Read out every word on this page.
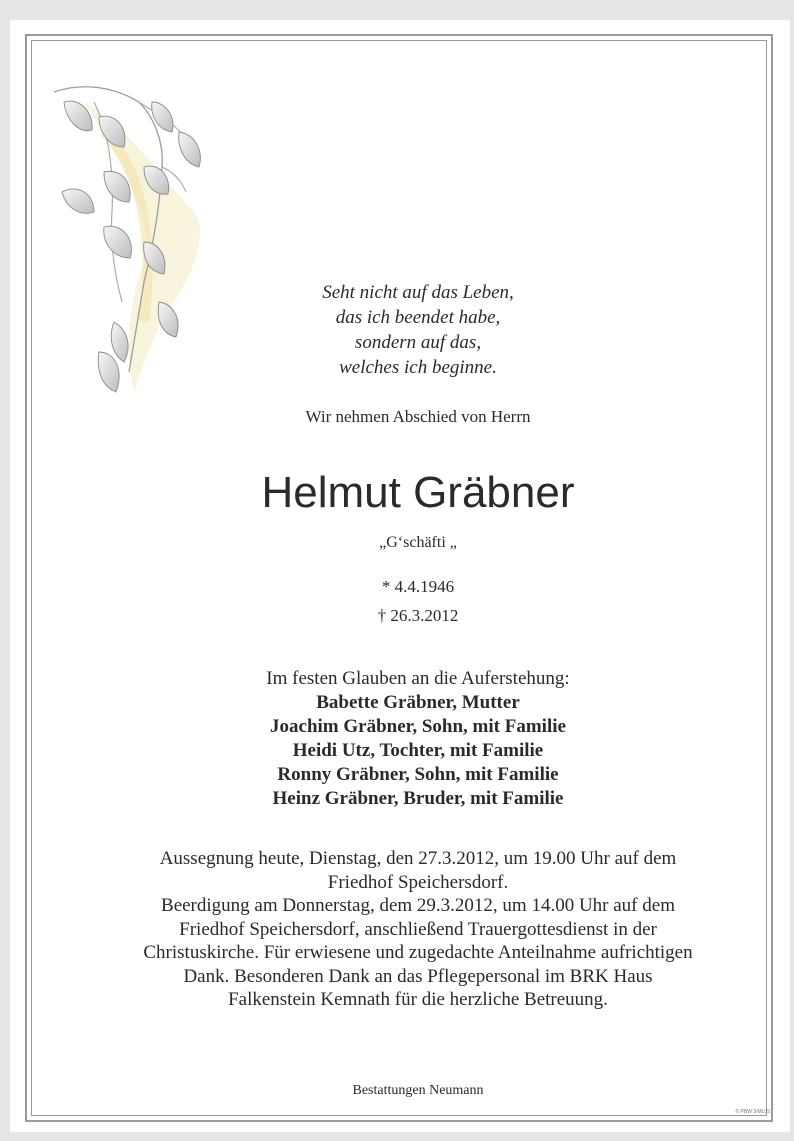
Seht nicht auf das Leben,
das ich beendet habe,
sondern auf das,
welches ich beginne.
Wir nehmen Abschied von Herrn
Helmut Gräbner
„G‘schäfti „
* 4.4.1946
† 26.3.2012
Im festen Glauben an die Auferstehung:
Babette Gräbner, Mutter
Joachim Gräbner, Sohn, mit Familie
Heidi Utz, Tochter, mit Familie
Ronny Gräbner, Sohn, mit Familie
Heinz Gräbner, Bruder, mit Familie
Aussegnung heute, Dienstag, den 27.3.2012, um 19.00 Uhr auf dem
Friedhof Speichersdorf.
Beerdigung am Donnerstag, dem 29.3.2012, um 14.00 Uhr auf dem
Friedhof Speichersdorf, anschließend Trauergottesdienst in der
Christuskirche. Für erwiesene und zugedachte Anteilnahme aufrichtigen
Dank. Besonderen Dank an das Pflegepersonal im BRK Haus
Falkenstein Kemnath für die herzliche Betreuung.
Bestattungen Neumann
© PBW 3/ML05
